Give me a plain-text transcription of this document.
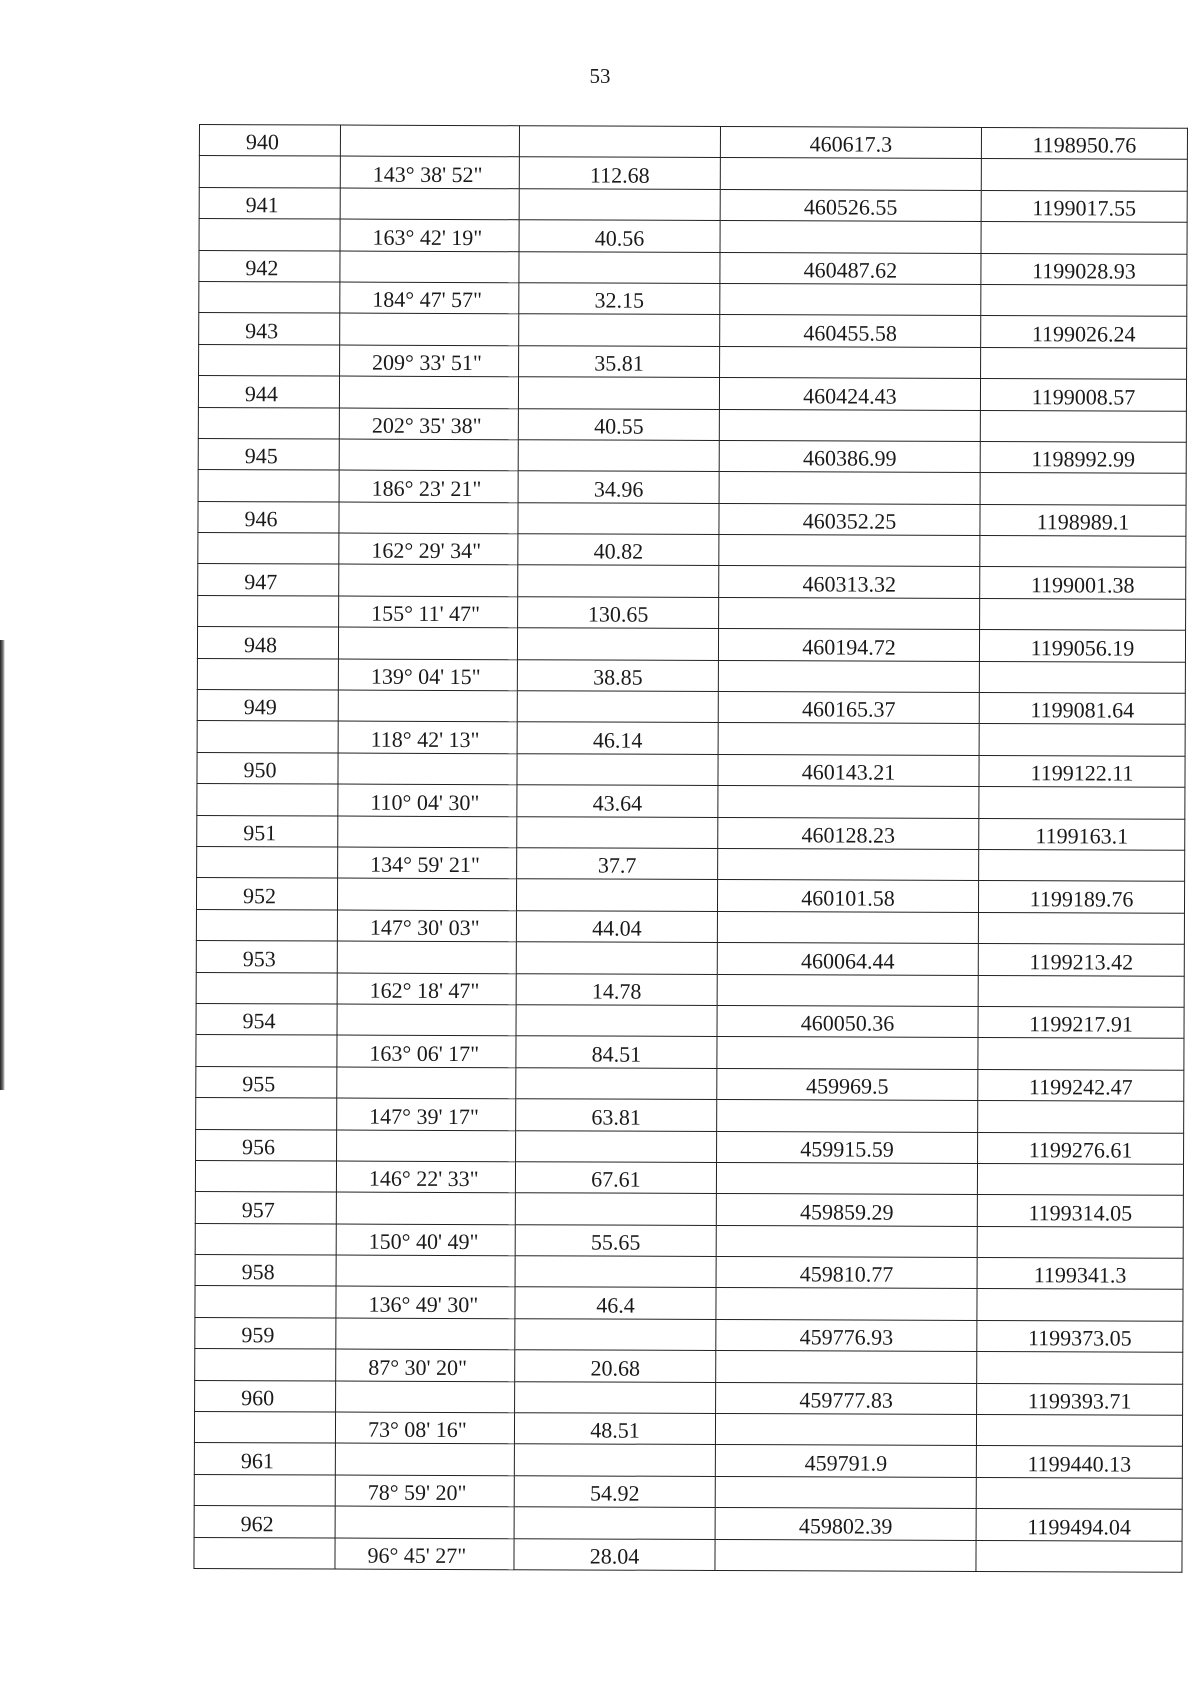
53
940			460617.3	1198950.76
	143° 38' 52"	112.68		
941			460526.55	1199017.55
	163° 42' 19"	40.56		
942			460487.62	1199028.93
	184° 47' 57"	32.15		
943			460455.58	1199026.24
	209° 33' 51"	35.81		
944			460424.43	1199008.57
	202° 35' 38"	40.55		
945			460386.99	1198992.99
	186° 23' 21"	34.96		
946			460352.25	1198989.1
	162° 29' 34"	40.82		
947			460313.32	1199001.38
	155° 11' 47"	130.65		
948			460194.72	1199056.19
	139° 04' 15"	38.85		
949			460165.37	1199081.64
	118° 42' 13"	46.14		
950			460143.21	1199122.11
	110° 04' 30"	43.64		
951			460128.23	1199163.1
	134° 59' 21"	37.7		
952			460101.58	1199189.76
	147° 30' 03"	44.04		
953			460064.44	1199213.42
	162° 18' 47"	14.78		
954			460050.36	1199217.91
	163° 06' 17"	84.51		
955			459969.5	1199242.47
	147° 39' 17"	63.81		
956			459915.59	1199276.61
	146° 22' 33"	67.61		
957			459859.29	1199314.05
	150° 40' 49"	55.65		
958			459810.77	1199341.3
	136° 49' 30"	46.4		
959			459776.93	1199373.05
	87° 30' 20"	20.68		
960			459777.83	1199393.71
	73° 08' 16"	48.51		
961			459791.9	1199440.13
	78° 59' 20"	54.92		
962			459802.39	1199494.04
	96° 45' 27"	28.04		
